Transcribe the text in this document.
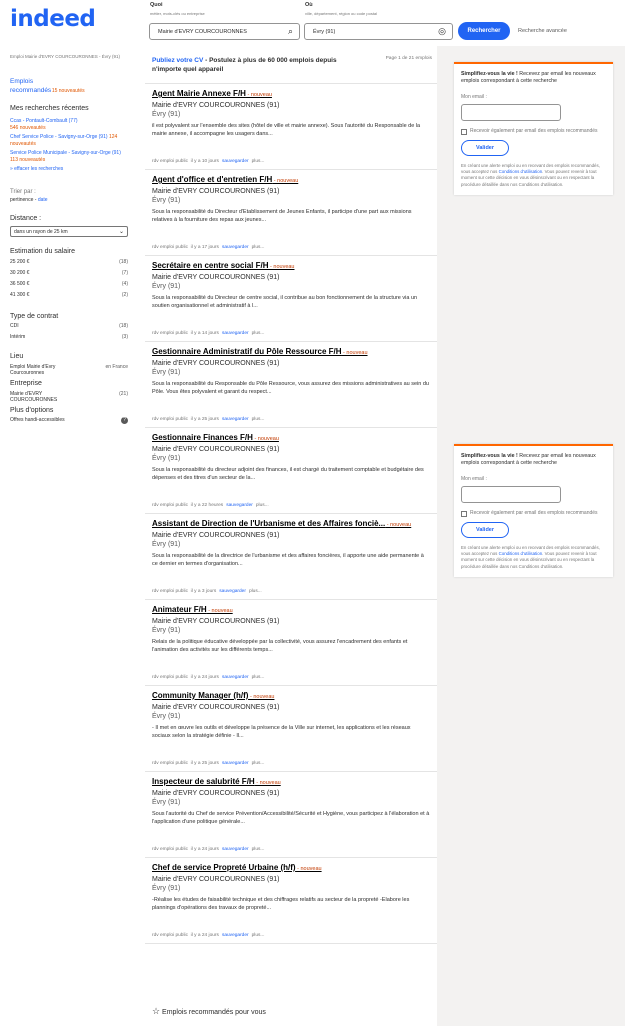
indeed
Quoi
métier, mots-clés ou entreprise
Mairie d'EVRY COURCOURONNES	⌕
Où
ville, département, région ou code postal
Évry (91)	◎	Rechercher	Recherche avancée
Emploi Mairie d'EVRY COURCOURONNES - Évry (91)
Emplois recommandés 15 nouveautés
Mes recherches récentes
Ccas - Pontault-Combault (77)
546 nouveautés
Chef Service Police - Savigny-sur-Orge (91) 124 nouveautés
Service Police Municipale - Savigny-sur-Orge (91) 113 nouveautés
» effacer les recherches
Trier par :
pertinence - date
Distance :
dans un rayon de 25 km	⌄
Estimation du salaire
25 200 €	(18)
30 200 €	(7)
36 500 €	(4)
41 300 €	(2)
Type de contrat
CDI	(18)
Intérim	(3)
Lieu
Emploi Mairie d'Evry Courcouronnes
en France
Entreprise
Mairie d'EVRY COURCOURONNES
(21)
Plus d'options
Offres handi-accessibles	?
Publiez votre CV - Postulez à plus de 60 000 emplois depuis n'importe quel appareil
Page 1 de 21 emplois
Agent Mairie Annexe F/H - nouveau
Mairie d'EVRY COURCOURONNES (91)
Évry (91)
il est polyvalent sur l'ensemble des sites (hôtel de ville et mairie annexe). Sous l'autorité du Responsable de la mairie annexe, il accompagne les usagers dans...
rdv emploi public il y a 10 jours sauvegarder plus...
Agent d'office et d'entretien F/H - nouveau
Mairie d'EVRY COURCOURONNES (91)
Évry (91)
Sous la responsabilité du Directeur d'Etablissement de Jeunes Enfants, il participe d'une part aux missions relatives à la fourniture des repas aux jeunes...
rdv emploi public il y a 17 jours sauvegarder plus...
Secrétaire en centre social F/H - nouveau
Mairie d'EVRY COURCOURONNES (91)
Évry (91)
Sous la responsabilité du Directeur de centre social, il contribue au bon fonctionnement de la structure via un soutien organisationnel et administratif à l...
rdv emploi public il y a 14 jours sauvegarder plus...
Gestionnaire Administratif du Pôle Ressource F/H - nouveau
Mairie d'EVRY COURCOURONNES (91)
Évry (91)
Sous la responsabilité du Responsable du Pôle Ressource, vous assurez des missions administratives au sein du Pôle. Vous êtes polyvalent et garant du respect...
rdv emploi public il y a 25 jours sauvegarder plus...
Gestionnaire Finances F/H - nouveau
Mairie d'EVRY COURCOURONNES (91)
Évry (91)
Sous la responsabilité du directeur adjoint des finances, il est chargé du traitement comptable et budgétaire des dépenses et des titres d'un secteur de la...
rdv emploi public il y a 22 heures sauvegarder plus...
Assistant de Direction de l'Urbanisme et des Affaires fonciè... - nouveau
Mairie d'EVRY COURCOURONNES (91)
Évry (91)
Sous la responsabilité de la directrice de l'urbanisme et des affaires foncières, il apporte une aide permanente à ce dernier en termes d'organisation...
rdv emploi public il y a 3 jours sauvegarder plus...
Animateur F/H - nouveau
Mairie d'EVRY COURCOURONNES (91)
Évry (91)
Relais de la politique éducative développée par la collectivité, vous assurez l'encadrement des enfants et l'animation des activités sur les différents temps...
rdv emploi public il y a 24 jours sauvegarder plus...
Community Manager (h/f) - nouveau
Mairie d'EVRY COURCOURONNES (91)
Évry (91)
- Il met en œuvre les outils et développe la présence de la Ville sur internet, les applications et les réseaux sociaux selon la stratégie définie - Il...
rdv emploi public il y a 25 jours sauvegarder plus...
Inspecteur de salubrité F/H - nouveau
Mairie d'EVRY COURCOURONNES (91)
Évry (91)
Sous l'autorité du Chef de service Prévention/Accessibilité/Sécurité et Hygiène, vous participez à l'élaboration et à l'application d'une politique générale...
rdv emploi public il y a 24 jours sauvegarder plus...
Chef de service Propreté Urbaine (h/f) - nouveau
Mairie d'EVRY COURCOURONNES (91)
Évry (91)
-Réalise les études de faisabilité technique et des chiffrages relatifs au secteur de la propreté -Elabore les plannings d'opérations des travaux de propreté...
rdv emploi public il y a 24 jours sauvegarder plus...
☆ Emplois recommandés pour vous
Simplifiez-vous la vie ! Recevez par email les nouveaux emplois correspondant à cette recherche
Mon email :
Recevoir également par email des emplois recommandés
Valider
En créant une alerte emploi ou en recevant des emplois recommandés, vous acceptez nos Conditions d'utilisation. Vous pouvez revenir à tout moment sur cette décision en vous désinscrivant ou en respectant la procédure détaillée dans nos Conditions d'utilisation.
Simplifiez-vous la vie ! Recevez par email les nouveaux emplois correspondant à cette recherche
Mon email :
Recevoir également par email des emplois recommandés
Valider
En créant une alerte emploi ou en recevant des emplois recommandés, vous acceptez nos Conditions d'utilisation. Vous pouvez revenir à tout moment sur cette décision en vous désinscrivant ou en respectant la procédure détaillée dans nos Conditions d'utilisation.
